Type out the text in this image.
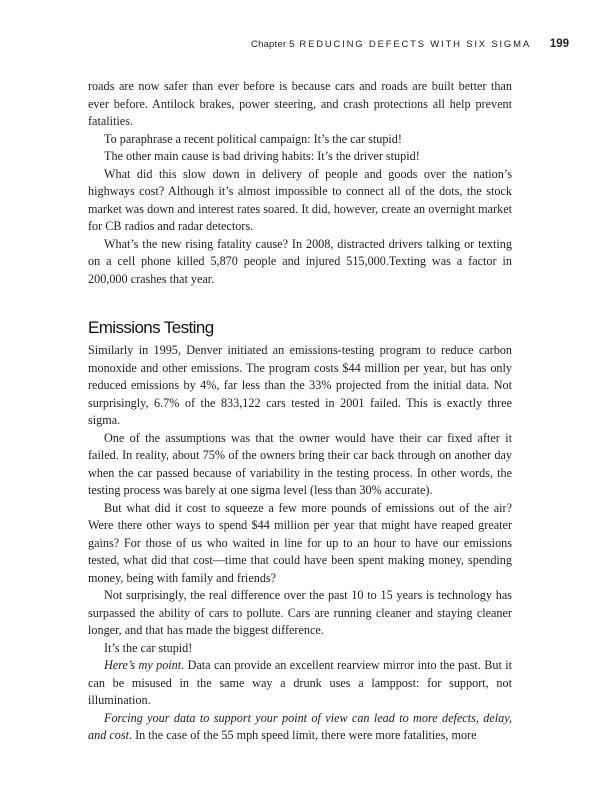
Chapter 5 REDUCING DEFECTS WITH SIX SIGMA 199

roads are now safer than ever before is because cars and roads are built better than ever before. Antilock brakes, power steering, and crash protections all help prevent fatalities.

To paraphrase a recent political campaign: It’s the car stupid!

The other main cause is bad driving habits: It’s the driver stupid!

What did this slow down in delivery of people and goods over the nation’s highways cost? Although it’s almost impossible to connect all of the dots, the stock market was down and interest rates soared. It did, however, create an overnight market for CB radios and radar detectors.

What’s the new rising fatality cause? In 2008, distracted drivers talking or texting on a cell phone killed 5,870 people and injured 515,000.Texting was a factor in 200,000 crashes that year.

Emissions Testing

Similarly in 1995, Denver initiated an emissions-testing program to reduce carbon monoxide and other emissions. The program costs $44 million per year, but has only reduced emissions by 4%, far less than the 33% projected from the initial data. Not surprisingly, 6.7% of the 833,122 cars tested in 2001 failed. This is exactly three sigma.

One of the assumptions was that the owner would have their car fixed after it failed. In reality, about 75% of the owners bring their car back through on another day when the car passed because of variability in the testing process. In other words, the testing process was barely at one sigma level (less than 30% accurate).

But what did it cost to squeeze a few more pounds of emissions out of the air? Were there other ways to spend $44 million per year that might have reaped greater gains? For those of us who waited in line for up to an hour to have our emissions tested, what did that cost—time that could have been spent making money, spending money, being with family and friends?

Not surprisingly, the real difference over the past 10 to 15 years is technology has surpassed the ability of cars to pollute. Cars are running cleaner and staying cleaner longer, and that has made the biggest difference.

It’s the car stupid!

Here’s my point. Data can provide an excellent rearview mirror into the past. But it can be misused in the same way a drunk uses a lamppost: for support, not illumination.

Forcing your data to support your point of view can lead to more defects, delay, and cost. In the case of the 55 mph speed limit, there were more fatalities, more
